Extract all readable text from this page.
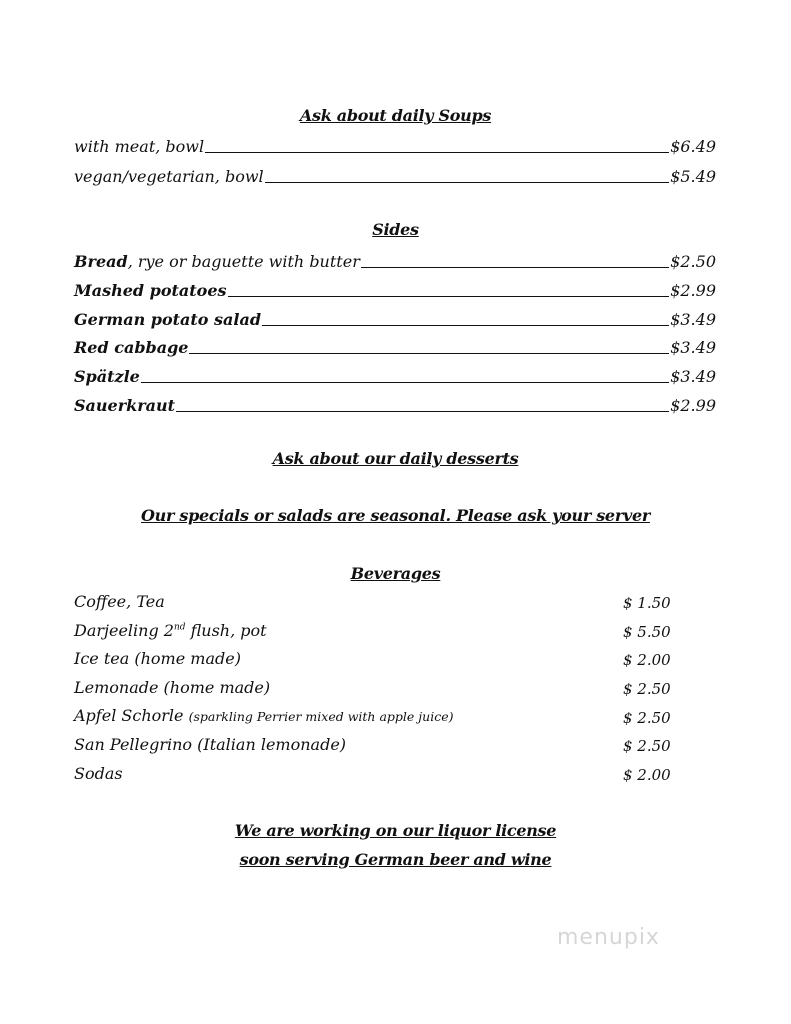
Ask about daily Soups
with meat, bowl	$6.49
vegan/vegetarian, bowl	$5.49
Sides
Bread, rye or baguette with butter	$2.50
Mashed potatoes	$2.99
German potato salad	$3.49
Red cabbage	$3.49
Spätzle	$3.49
Sauerkraut	$2.99
Ask about our daily desserts
Our specials or salads are seasonal. Please ask your server
Beverages
Coffee, Tea	$ 1.50
Darjeeling 2nd flush, pot	$ 5.50
Ice tea (home made)	$ 2.00
Lemonade (home made)	$ 2.50
Apfel Schorle (sparkling Perrier mixed with apple juice)	$ 2.50
San Pellegrino (Italian lemonade)	$ 2.50
Sodas	$ 2.00
We are working on our liquor license
soon serving German beer and wine
menupix
